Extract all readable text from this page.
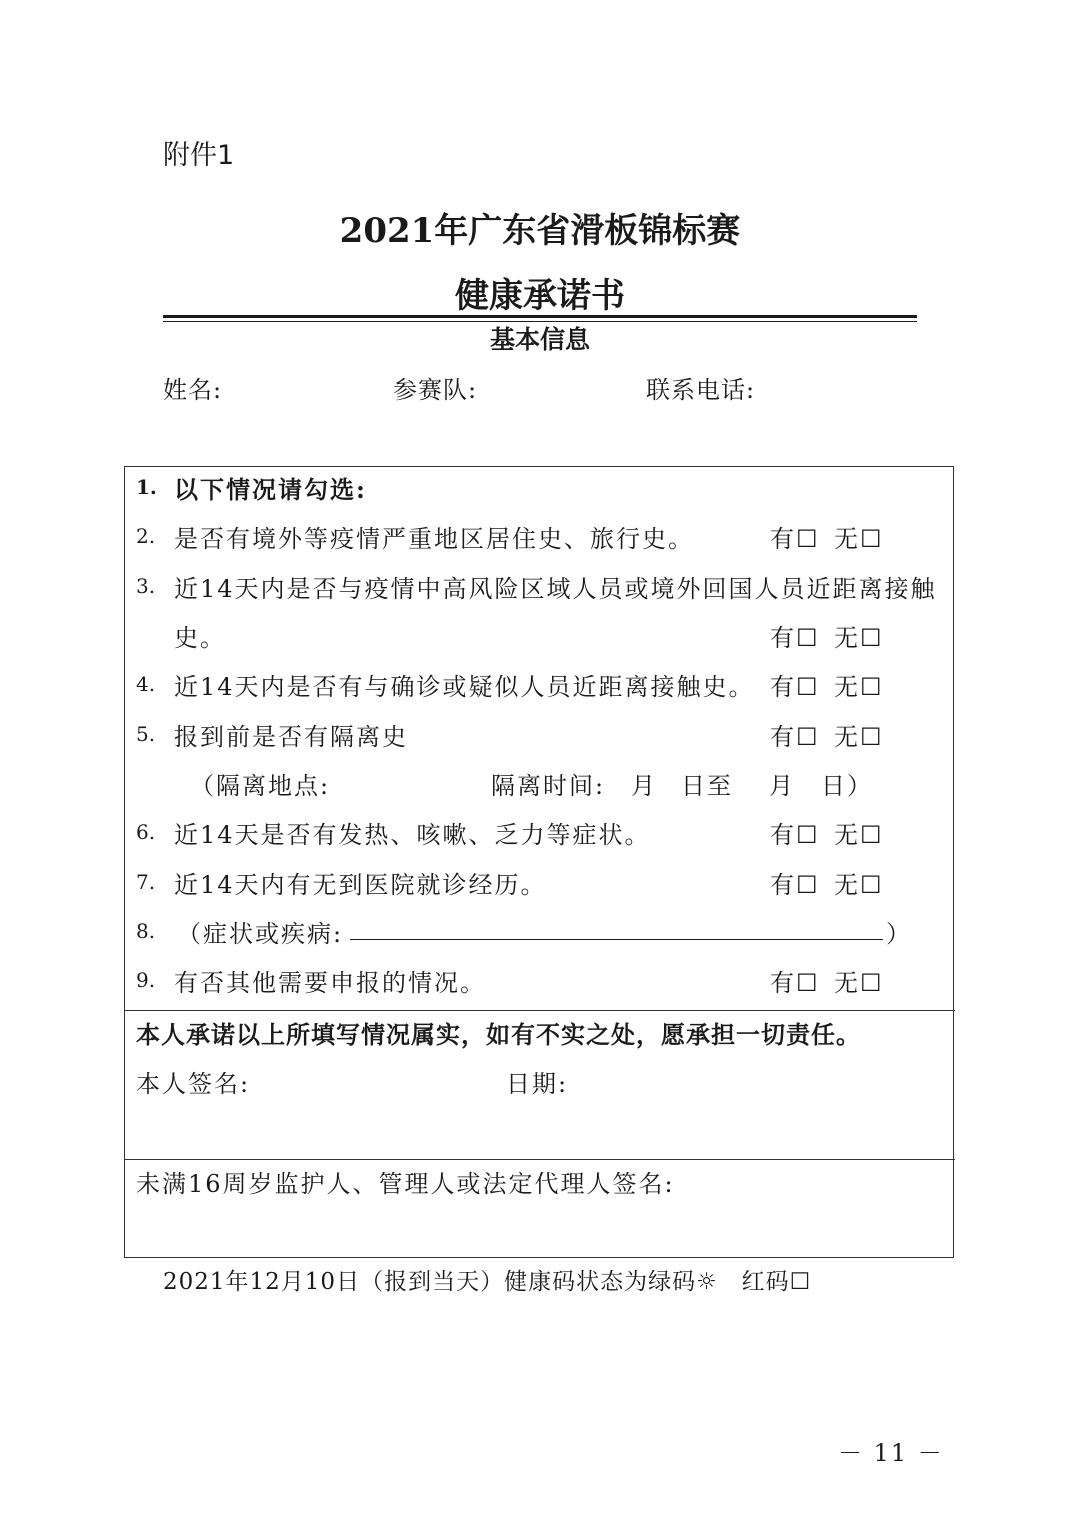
附件1
2021年广东省滑板锦标赛
健康承诺书
基本信息
姓名:	参赛队:	联系电话:
1. 以下情况请勾选:
2. 是否有境外等疫情严重地区居住史、旅行史。	有☐ 无☐
3. 近14天内是否与疫情中高风险区域人员或境外回国人员近距离接触
史。	有☐ 无☐
4. 近14天内是否有与确诊或疑似人员近距离接触史。 有☐ 无☐
5. 报到前是否有隔离史	有☐ 无☐
（隔离地点:	隔离时间: 月 日至 月 日）
6. 近14天是否有发热、咳嗽、乏力等症状。	有☐ 无☐
7. 近14天内有无到医院就诊经历。	有☐ 无☐
8. （症状或疾病:	）
9. 有否其他需要申报的情况。	有☐ 无☐
本人承诺以上所填写情况属实，如有不实之处，愿承担一切责任。
本人签名:	日期:
未满16周岁监护人、管理人或法定代理人签名:
2021年12月10日（报到当天）健康码状态为绿码☼　红码☐
－ 11 －
